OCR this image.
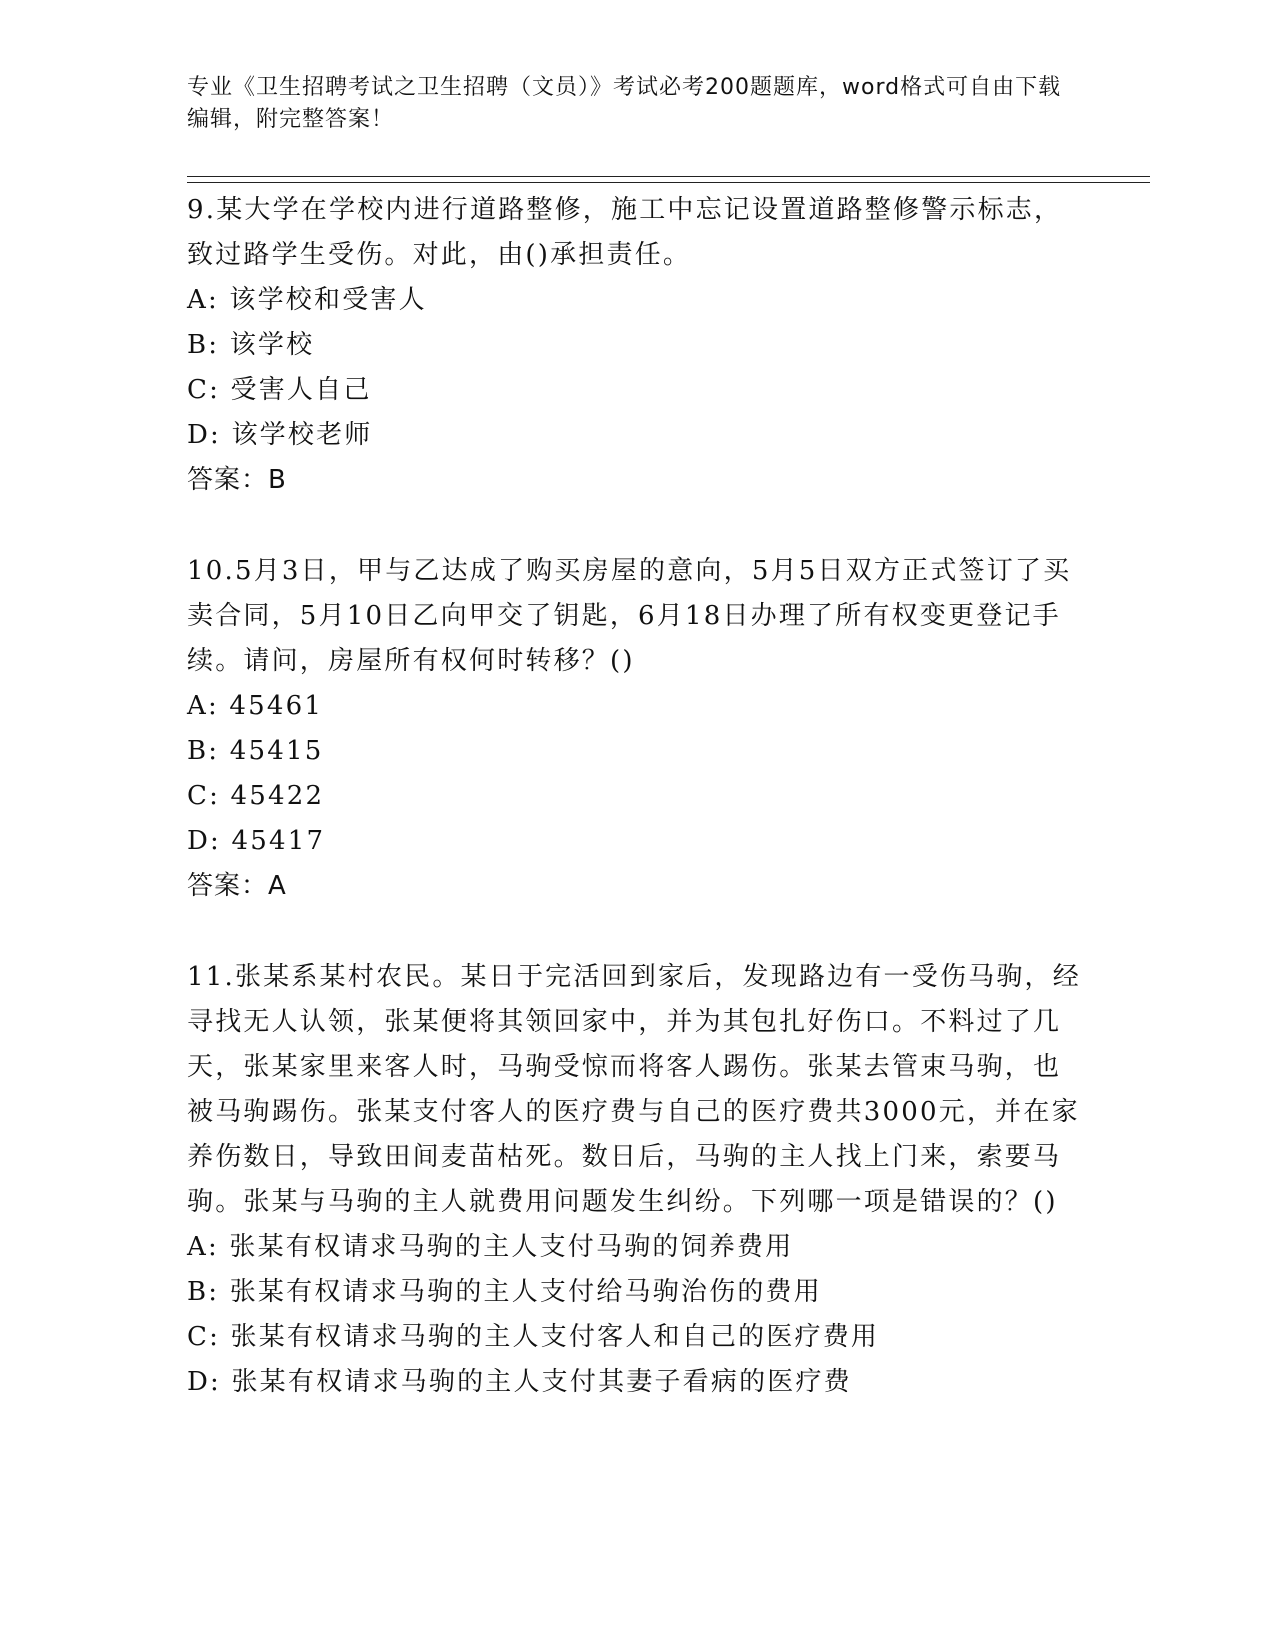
专业《卫生招聘考试之卫生招聘（文员）》考试必考200题题库，word格式可自由下载编辑，附完整答案！

9.某大学在学校内进行道路整修，施工中忘记设置道路整修警示标志，致过路学生受伤。对此，由()承担责任。

A: 该学校和受害人
B: 该学校
C: 受害人自己
D: 该学校老师

答案：B

10.5月3日，甲与乙达成了购买房屋的意向，5月5日双方正式签订了买卖合同，5月10日乙向甲交了钥匙，6月18日办理了所有权变更登记手续。请问，房屋所有权何时转移？()

A: 45461
B: 45415
C: 45422
D: 45417

答案：A

11.张某系某村农民。某日于完活回到家后，发现路边有一受伤马驹，经寻找无人认领，张某便将其领回家中，并为其包扎好伤口。不料过了几天，张某家里来客人时，马驹受惊而将客人踢伤。张某去管束马驹，也被马驹踢伤。张某支付客人的医疗费与自己的医疗费共3000元，并在家养伤数日，导致田间麦苗枯死。数日后，马驹的主人找上门来，索要马驹。张某与马驹的主人就费用问题发生纠纷。下列哪一项是错误的？()

A: 张某有权请求马驹的主人支付马驹的饲养费用
B: 张某有权请求马驹的主人支付给马驹治伤的费用
C: 张某有权请求马驹的主人支付客人和自己的医疗费用
D: 张某有权请求马驹的主人支付其妻子看病的医疗费
